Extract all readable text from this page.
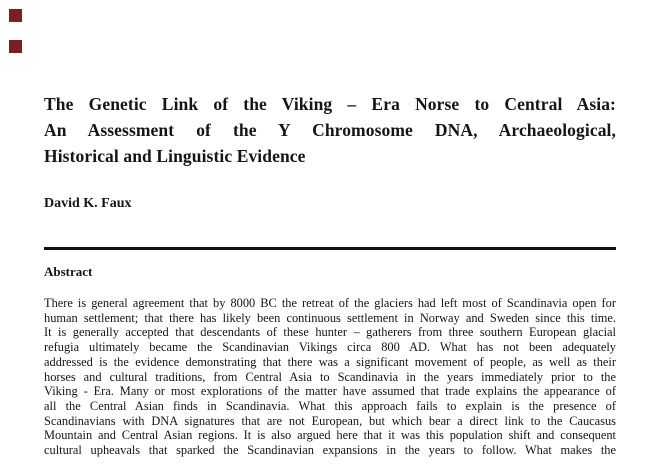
The Genetic Link of the Viking – Era Norse to Central Asia:
An Assessment of the Y Chromosome DNA, Archaeological,
Historical and Linguistic Evidence
David K. Faux
Abstract
There is general agreement that by 8000 BC the retreat of the glaciers had left most of Scandinavia open for
human settlement; that there has likely been continuous settlement in Norway and Sweden since this time.
It is generally accepted that descendants of these hunter – gatherers from three southern European glacial
refugia ultimately became the Scandinavian Vikings circa 800 AD. What has not been adequately
addressed is the evidence demonstrating that there was a significant movement of people, as well as their
horses and cultural traditions, from Central Asia to Scandinavia in the years immediately prior to the
Viking - Era. Many or most explorations of the matter have assumed that trade explains the appearance of
all the Central Asian finds in Scandinavia. What this approach fails to explain is the presence of
Scandinavians with DNA signatures that are not European, but which bear a direct link to the Caucasus
Mountain and Central Asian regions. It is also argued here that it was this population shift and consequent
cultural upheavals that sparked the Scandinavian expansions in the years to follow. What makes the
